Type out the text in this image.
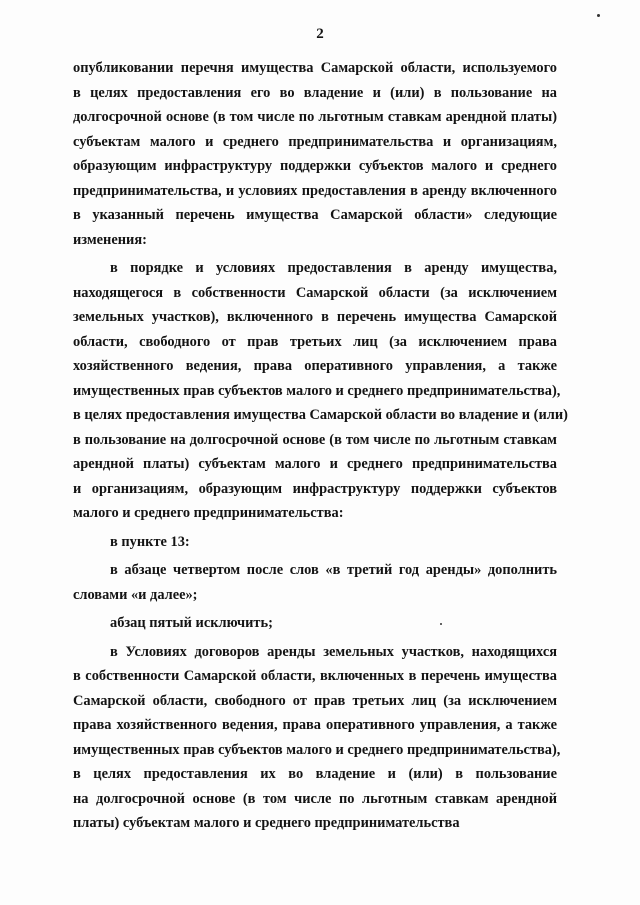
2
опубликовании перечня имущества Самарской области, используемого
в целях предоставления его во владение и (или) в пользование на
долгосрочной основе (в том числе по льготным ставкам арендной платы)
субъектам малого и среднего предпринимательства и организациям,
образующим инфраструктуру поддержки субъектов малого и среднего
предпринимательства, и условиях предоставления в аренду включенного
в указанный перечень имущества Самарской области» следующие
изменения:
в порядке и условиях предоставления в аренду имущества,
находящегося в собственности Самарской области (за исключением
земельных участков), включенного в перечень имущества Самарской
области, свободного от прав третьих лиц (за исключением права
хозяйственного ведения, права оперативного управления, а также
имущественных прав субъектов малого и среднего предпринимательства),
в целях предоставления имущества Самарской области во владение и (или)
в пользование на долгосрочной основе (в том числе по льготным ставкам
арендной платы) субъектам малого и среднего предпринимательства
и организациям, образующим инфраструктуру поддержки субъектов
малого и среднего предпринимательства:
в пункте 13:
в абзаце четвертом после слов «в третий год аренды» дополнить
словами «и далее»;
абзац пятый исключить;
в Условиях договоров аренды земельных участков, находящихся
в собственности Самарской области, включенных в перечень имущества
Самарской области, свободного от прав третьих лиц (за исключением
права хозяйственного ведения, права оперативного управления, а также
имущественных прав субъектов малого и среднего предпринимательства),
в целях предоставления их во владение и (или) в пользование
на долгосрочной основе (в том числе по льготным ставкам арендной
платы) субъектам малого и среднего предпринимательства
